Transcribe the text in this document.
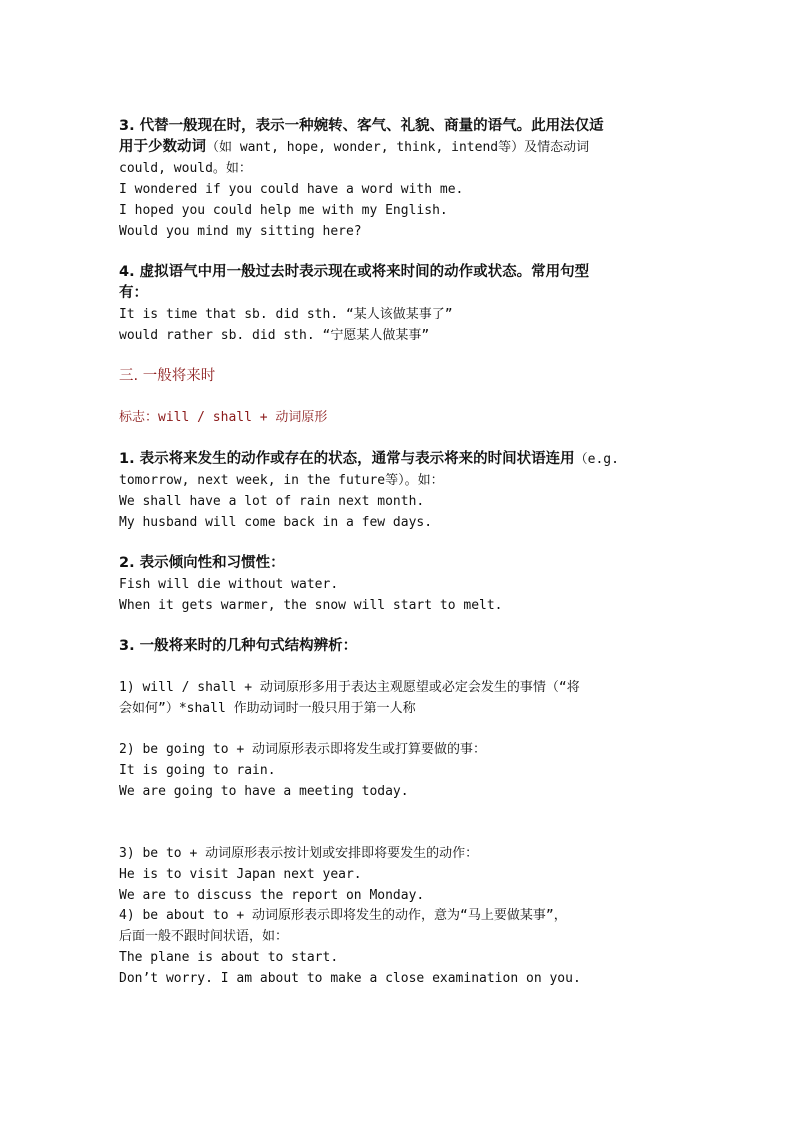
3. 代替一般现在时，表示一种婉转、客气、礼貌、商量的语气。此用法仅适
用于少数动词（如 want, hope, wonder, think, intend等）及情态动词
could, would。如：
I wondered if you could have a word with me.
I hoped you could help me with my English.
Would you mind my sitting here?
4. 虚拟语气中用一般过去时表示现在或将来时间的动作或状态。常用句型
有：
It is time that sb. did sth. “某人该做某事了”
would rather sb. did sth. “宁愿某人做某事”
三. 一般将来时
标志：will / shall + 动词原形
1. 表示将来发生的动作或存在的状态，通常与表示将来的时间状语连用（e.g.
tomorrow, next week, in the future等）。如：
We shall have a lot of rain next month.
My husband will come back in a few days.
2. 表示倾向性和习惯性：
Fish will die without water.
When it gets warmer, the snow will start to melt.
3. 一般将来时的几种句式结构辨析：
1) will / shall + 动词原形多用于表达主观愿望或必定会发生的事情（“将
会如何”）*shall 作助动词时一般只用于第一人称
2) be going to + 动词原形表示即将发生或打算要做的事：
It is going to rain.
We are going to have a meeting today.
3) be to + 动词原形表示按计划或安排即将要发生的动作：
He is to visit Japan next year.
We are to discuss the report on Monday.
4) be about to + 动词原形表示即将发生的动作，意为“马上要做某事”，
后面一般不跟时间状语，如：
The plane is about to start.
Don’t worry. I am about to make a close examination on you.
